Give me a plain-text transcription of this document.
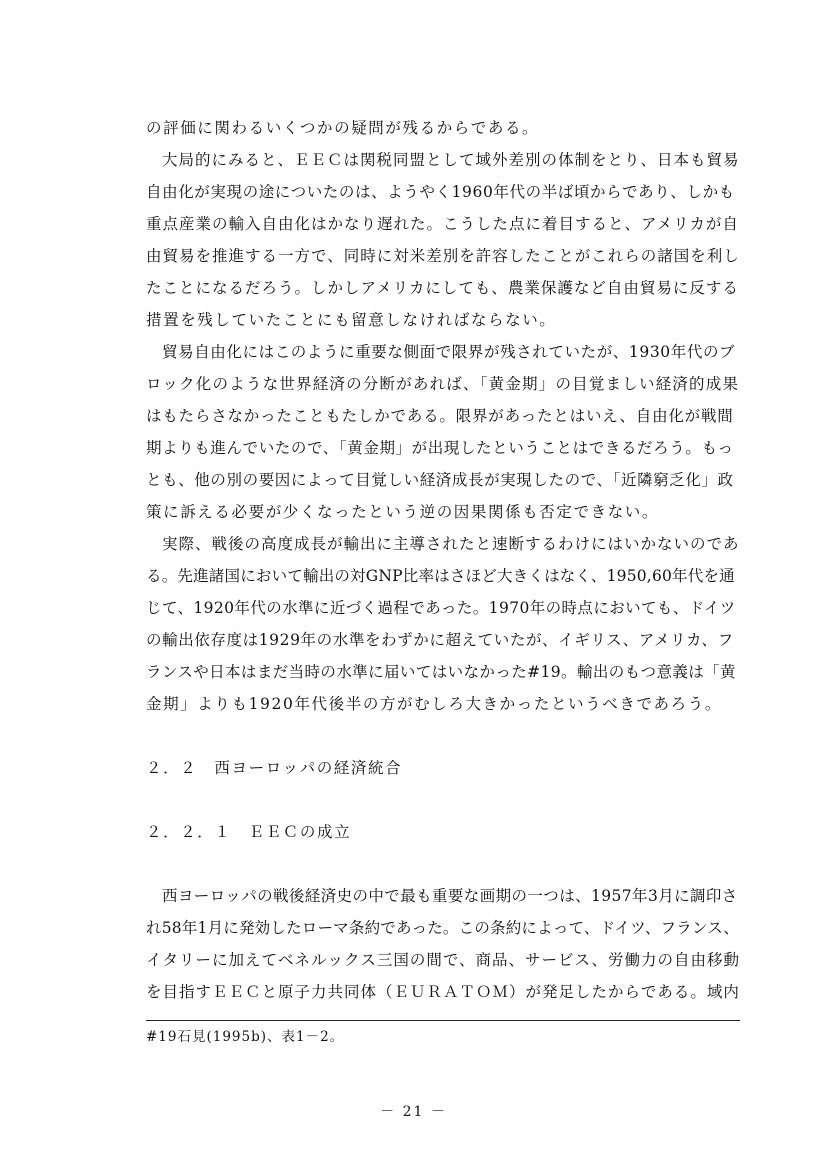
の評価に関わるいくつかの疑問が残るからである。
大局的にみると、ＥＥＣは関税同盟として域外差別の体制をとり、日本も貿易
自由化が実現の途についたのは、ようやく1960年代の半ば頃からであり、しかも
重点産業の輸入自由化はかなり遅れた。こうした点に着目すると、アメリカが自
由貿易を推進する一方で、同時に対米差別を許容したことがこれらの諸国を利し
たことになるだろう。しかしアメリカにしても、農業保護など自由貿易に反する
措置を残していたことにも留意しなければならない。
貿易自由化にはこのように重要な側面で限界が残されていたが、1930年代のブ
ロック化のような世界経済の分断があれば、「黄金期」の目覚ましい経済的成果
はもたらさなかったこともたしかである。限界があったとはいえ、自由化が戦間
期よりも進んでいたので、「黄金期」が出現したということはできるだろう。もっ
とも、他の別の要因によって目覚しい経済成長が実現したので、「近隣窮乏化」政
策に訴える必要が少くなったという逆の因果関係も否定できない。
実際、戦後の高度成長が輸出に主導されたと速断するわけにはいかないのであ
る。先進諸国において輸出の対GNP比率はさほど大きくはなく、1950,60年代を通
じて、1920年代の水準に近づく過程であった。1970年の時点においても、ドイツ
の輸出依存度は1929年の水準をわずかに超えていたが、イギリス、アメリカ、フ
ランスや日本はまだ当時の水準に届いてはいなかった#19。輸出のもつ意義は「黄
金期」よりも1920年代後半の方がむしろ大きかったというべきであろう。
２．２　西ヨーロッパの経済統合
２．２．１　ＥＥＣの成立
西ヨーロッパの戦後経済史の中で最も重要な画期の一つは、1957年3月に調印さ
れ58年1月に発効したローマ条約であった。この条約によって、ドイツ、フランス、
イタリーに加えてベネルックス三国の間で、商品、サービス、労働力の自由移動
を目指すＥＥＣと原子力共同体（ＥＵＲＡＴＯＭ）が発足したからである。域内
#19石見(1995b)、表1－2。
－ 21 －
